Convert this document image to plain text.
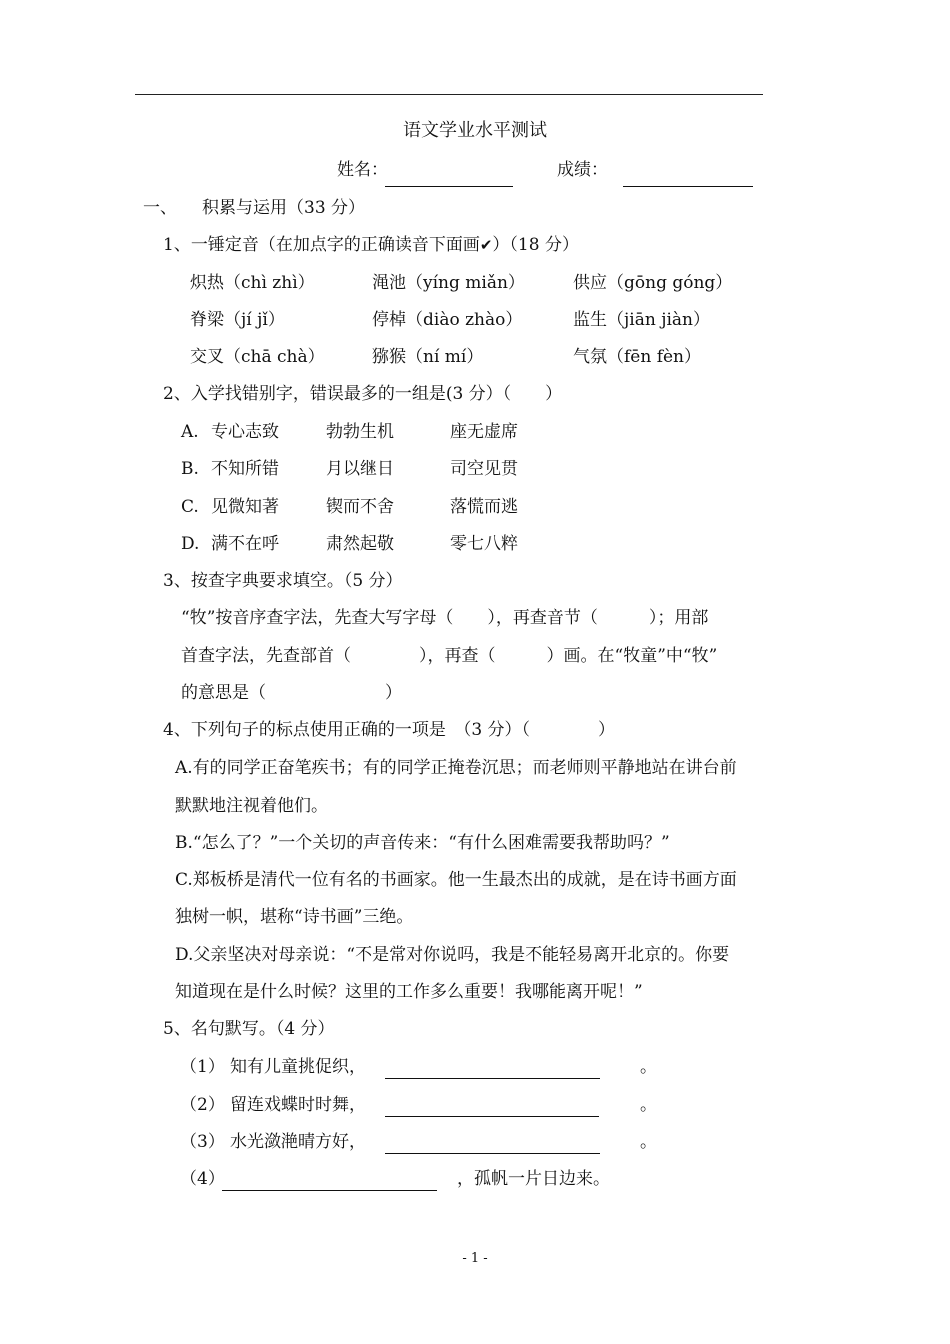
语文学业水平测试
姓名：	成绩：
一、 积累与运用（33 分）
1、一锤定音（在加点字的正确读音下面画✔）（18 分）
炽热（chì zhì）	渑池（yíng miǎn）	供应（gōng góng）
脊梁（jí jǐ）	停棹（diào zhào）	监生（jiān jiàn）
交叉（chā chà）	猕猴（ní mí）	气氛（fēn fèn）
2、入学找错别字，错误最多的一组是(3 分）（　　）
A. 专心志致	勃勃生机	座无虚席
B. 不知所错	月以继日	司空见贯
C. 见微知著	锲而不舍	落慌而逃
D. 满不在呼	肃然起敬	零七八粹
3、按查字典要求填空。（5 分）
“牧”按音序查字法，先查大写字母（　　），再查音节（　　　）；用部
首查字法，先查部首（　　　　），再查（　　　）画。在“牧童”中“牧”
的意思是（　　　　　　　）
4、下列句子的标点使用正确的一项是　（3 分）（　　　　）
A.有的同学正奋笔疾书；有的同学正掩卷沉思；而老师则平静地站在讲台前
默默地注视着他们。
B.“怎么了？”一个关切的声音传来：“有什么困难需要我帮助吗？”
C.郑板桥是清代一位有名的书画家。他一生最杰出的成就，是在诗书画方面
独树一帜，堪称“诗书画”三绝。
D.父亲坚决对母亲说：“不是常对你说吗，我是不能轻易离开北京的。你要
知道现在是什么时候？这里的工作多么重要！我哪能离开呢！”
5、名句默写。（4 分）
（1） 知有儿童挑促织，	。
（2） 留连戏蝶时时舞，	。
（3） 水光潋滟晴方好，	。
（4）	，孤帆一片日边来。
- 1 -
